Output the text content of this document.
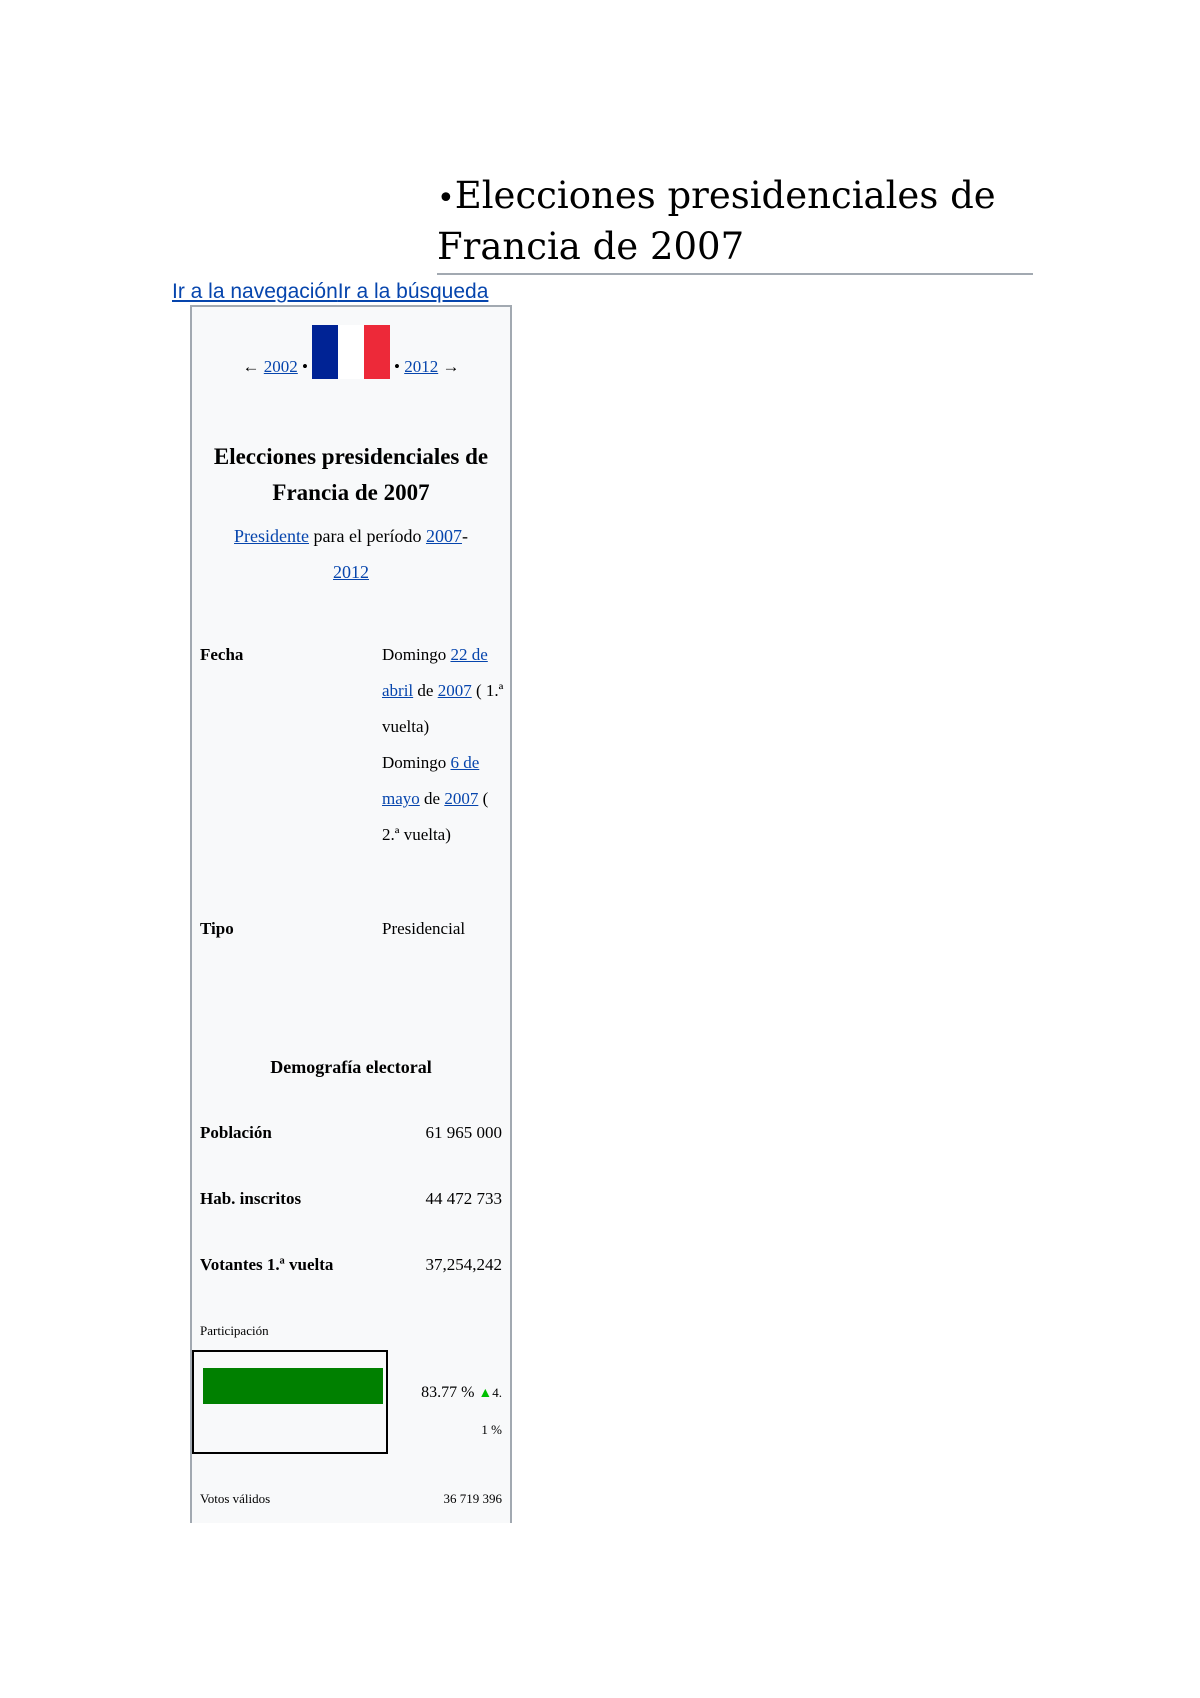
•Elecciones presidenciales de Francia de 2007
Ir a la navegaciónIr a la búsqueda
←
2002
•	•
2012
→
Elecciones presidenciales de Francia de 2007
Presidente para el período 2007-
2012
Fecha	Domingo 22 de abril de 2007 ( 1.ª vuelta)
Domingo 6 de mayo de 2007 ( 2.ª vuelta)
Tipo	Presidencial
Demografía electoral
Población	61 965 000
Hab. inscritos	44 472 733
Votantes 1.ª vuelta	37,254,242
Participación
83.77 % ▲4.
1 %
Votos válidos	36 719 396
